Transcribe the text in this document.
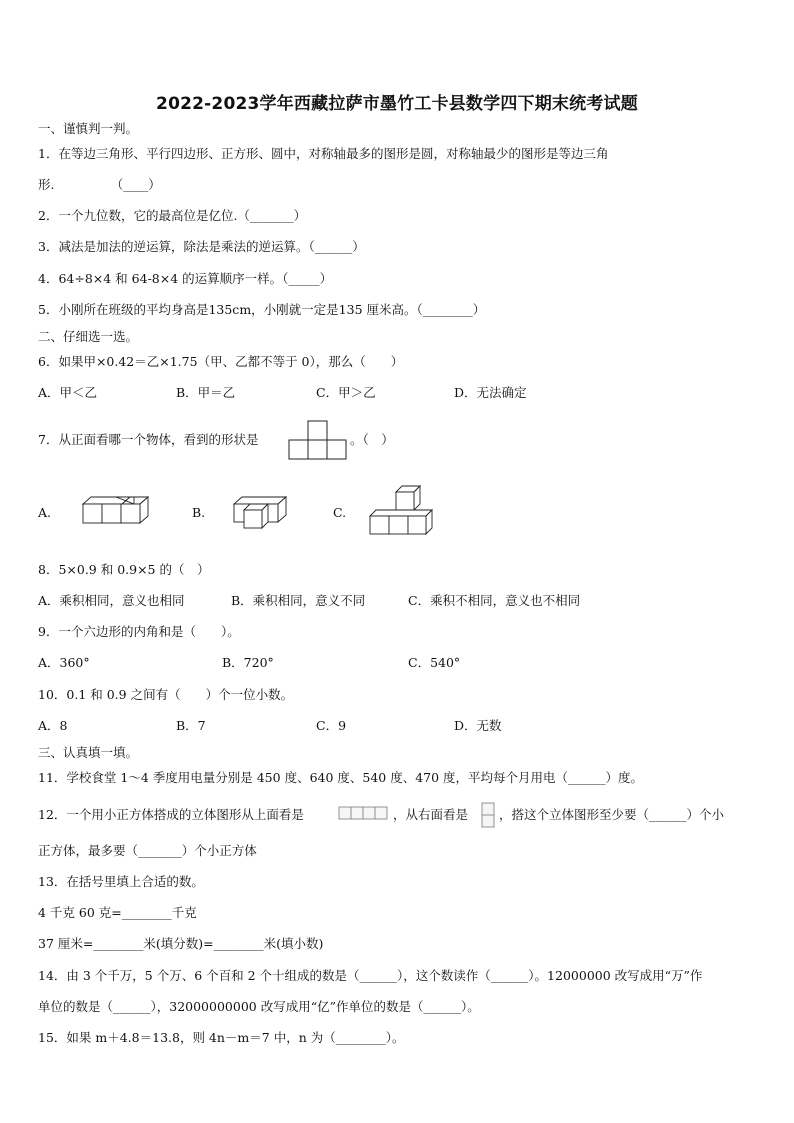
2022-2023学年西藏拉萨市墨竹工卡县数学四下期末统考试题
一、谨慎判一判。
1．在等边三角形、平行四边形、正方形、圆中，对称轴最多的图形是圆，对称轴最少的图形是等边三角
形.　　　　　（____）
2．一个九位数，它的最高位是亿位.（_______）
3．减法是加法的逆运算，除法是乘法的逆运算。（______）
4．64÷8×4 和 64-8×4 的运算顺序一样。（_____）
5．小刚所在班级的平均身高是135cm，小刚就一定是135 厘米高。（________）
二、仔细选一选。
6．如果甲×0.42＝乙×1.75（甲、乙都不等于 0），那么（　　）
A．甲＜乙	B．甲＝乙	C．甲＞乙	D．无法确定
7．从正面看哪一个物体，看到的形状是	。（　）
A.	B.	C.
8．5×0.9 和 0.9×5 的（　）
A．乘积相同，意义也相同	B．乘积相同，意义不同	C．乘积不相同，意义也不相同
9．一个六边形的内角和是（　　）。
A．360°	B．720°	C．540°
10．0.1 和 0.9 之间有（　　）个一位小数。
A．8	B．7	C．9	D．无数
三、认真填一填。
11．学校食堂 1～4 季度用电量分别是 450 度、640 度、540 度、470 度，平均每个月用电（______）度。
12．一个用小正方体搭成的立体图形从上面看是	，从右面看是 ，搭这个立体图形至少要（______）个小
正方体，最多要（_______）个小正方体
13．在括号里填上合适的数。
4 千克 60 克=________千克
37 厘米=________米(填分数)=________米(填小数)
14．由 3 个千万，5 个万、6 个百和 2 个十组成的数是（______），这个数读作（______）。12000000 改写成用“万”作
单位的数是（______），32000000000 改写成用“亿”作单位的数是（______）。
15．如果 m＋4.8＝13.8，则 4n－m＝7 中，n 为（________）。
